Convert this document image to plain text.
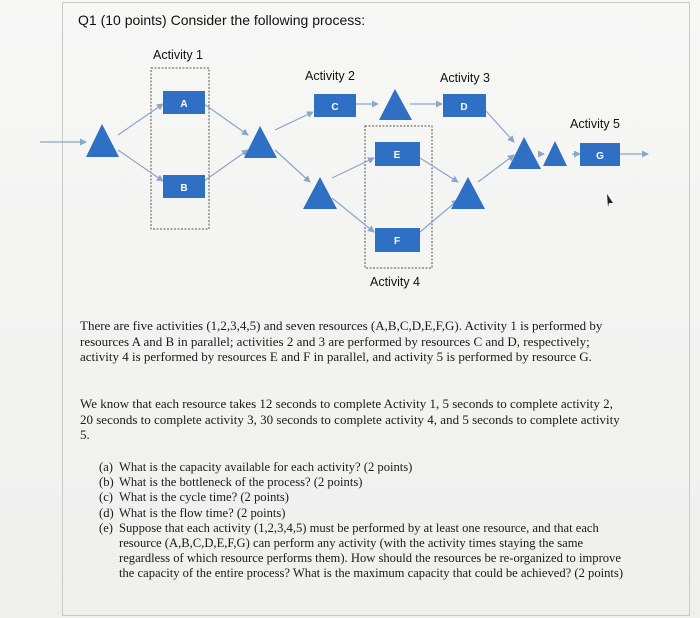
Q1 (10 points) Consider the following process:
Activity 1
Activity 2	Activity 3
Activity 4
Activity 5
A
B
C	D
E
F
G
There are five activities (1,2,3,4,5) and seven resources (A,B,C,D,E,F,G). Activity 1 is performed by resources A and B in parallel; activities 2 and 3 are performed by resources C and D, respectively; activity 4 is performed by resources E and F in parallel, and activity 5 is performed by resource G.
We know that each resource takes 12 seconds to complete Activity 1, 5 seconds to complete activity 2, 20 seconds to complete activity 3, 30 seconds to complete activity 4, and 5 seconds to complete activity 5.
(a) What is the capacity available for each activity? (2 points)
(b) What is the bottleneck of the process? (2 points)
(c) What is the cycle time? (2 points)
(d) What is the flow time? (2 points)
(e) Suppose that each activity (1,2,3,4,5) must be performed by at least one resource, and that each resource (A,B,C,D,E,F,G) can perform any activity (with the activity times staying the same regardless of which resource performs them). How should the resources be re-organized to improve the capacity of the entire process? What is the maximum capacity that could be achieved? (2 points)
